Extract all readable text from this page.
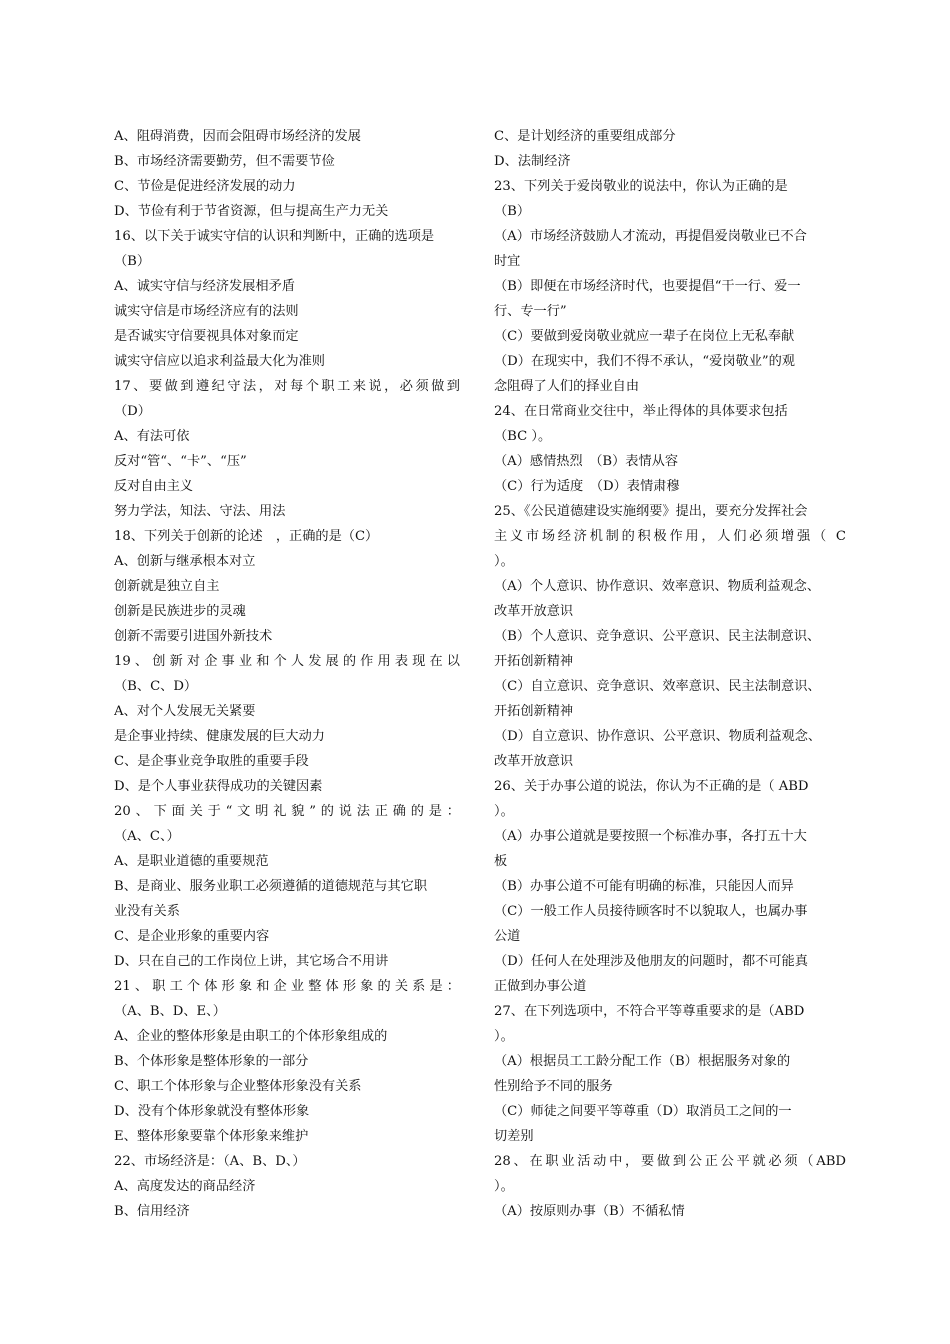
A、阻碍消费，因而会阻碍市场经济的发展
B、市场经济需要勤劳，但不需要节俭
C、节俭是促进经济发展的动力
D、节俭有利于节省资源，但与提高生产力无关
16、以下关于诚实守信的认识和判断中，正确的选项是
（B）
A、诚实守信与经济发展相矛盾
诚实守信是市场经济应有的法则
是否诚实守信要视具体对象而定
诚实守信应以追求利益最大化为准则
17、要做到遵纪守法，对每个职工来说，必须做到
（D）
A、有法可依
反对“管“、“卡”、“压”
反对自由主义
努力学法，知法、守法、用法
18、下列关于创新的论述　，正确的是（C）
A、创新与继承根本对立
创新就是独立自主
创新是民族进步的灵魂
创新不需要引进国外新技术
19、创新对企事业和个人发展的作用表现在以
（B、C、D）
A、对个人发展无关紧要
是企事业持续、健康发展的巨大动力
C、是企事业竞争取胜的重要手段
D、是个人事业获得成功的关键因素
20、下面关于“文明礼貌”的说法正确的是：
（A、C、）
A、是职业道德的重要规范
B、是商业、服务业职工必须遵循的道德规范与其它职
业没有关系
C、是企业形象的重要内容
D、只在自己的工作岗位上讲，其它场合不用讲
21、职工个体形象和企业整体形象的关系是：
（A、B、D、E、）
A、企业的整体形象是由职工的个体形象组成的
B、个体形象是整体形象的一部分
C、职工个体形象与企业整体形象没有关系
D、没有个体形象就没有整体形象
E、整体形象要靠个体形象来维护
22、市场经济是：（A、B、D、）
A、高度发达的商品经济
B、信用经济
C、是计划经济的重要组成部分
D、法制经济
23、下列关于爱岗敬业的说法中，你认为正确的是
（B）
（A）市场经济鼓励人才流动，再提倡爱岗敬业已不合
时宜
（B）即便在市场经济时代，也要提倡“干一行、爱一
行、专一行”
（C）要做到爱岗敬业就应一辈子在岗位上无私奉献
（D）在现实中，我们不得不承认，“爱岗敬业”的观
念阻碍了人们的择业自由
24、在日常商业交往中，举止得体的具体要求包括
（BC ）。
（A）感情热烈　（B）表情从容
（C）行为适度　（D）表情肃穆
25、《公民道德建设实施纲要》提出，要充分发挥社会
主义市场经济机制的积极作用，人们必须增强（ C
）。
（A）个人意识、协作意识、效率意识、物质利益观念、
改革开放意识
（B）个人意识、竞争意识、公平意识、民主法制意识、
开拓创新精神
（C）自立意识、竞争意识、效率意识、民主法制意识、
开拓创新精神
（D）自立意识、协作意识、公平意识、物质利益观念、
改革开放意识
26、关于办事公道的说法，你认为不正确的是（ ABD
）。
（A）办事公道就是要按照一个标准办事，各打五十大
板
（B）办事公道不可能有明确的标准，只能因人而异
（C）一般工作人员接待顾客时不以貌取人，也属办事
公道
（D）任何人在处理涉及他朋友的问题时，都不可能真
正做到办事公道
27、在下列选项中，不符合平等尊重要求的是（ABD
）。
（A）根据员工工龄分配工作（B）根据服务对象的
性别给予不同的服务
（C）师徒之间要平等尊重（D）取消员工之间的一
切差别
28、在职业活动中，要做到公正公平就必须（ABD
）。
（A）按原则办事（B）不循私情
